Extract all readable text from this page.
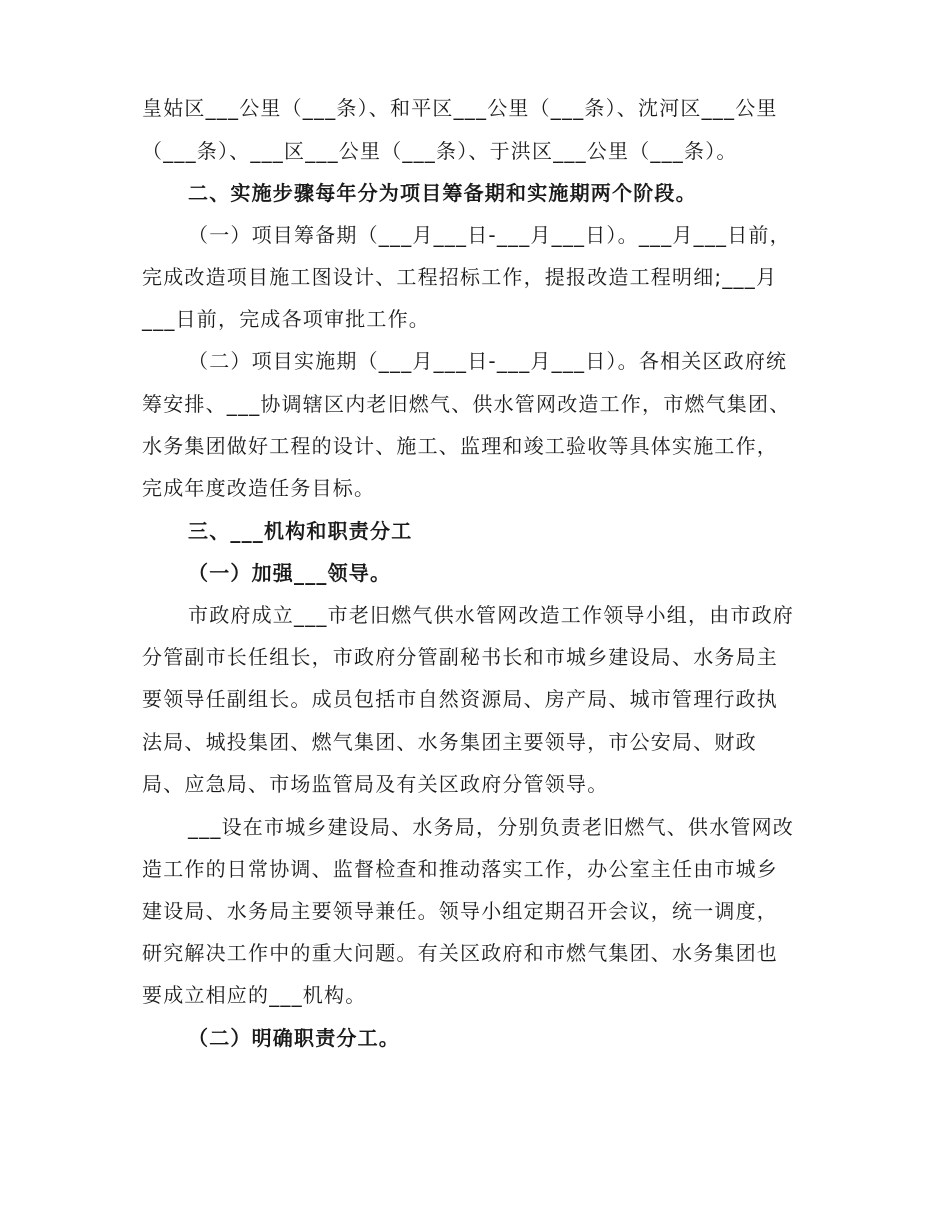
皇姑区___公里（___条）、和平区___公里（___条）、沈河区___公里
（___条）、___区___公里（___条）、于洪区___公里（___条）。
二、实施步骤每年分为项目筹备期和实施期两个阶段。
（一）项目筹备期（___月___日-___月___日）。___月___日前，
完成改造项目施工图设计、工程招标工作，提报改造工程明细;___月
___日前，完成各项审批工作。
（二）项目实施期（___月___日-___月___日）。各相关区政府统
筹安排、___协调辖区内老旧燃气、供水管网改造工作，市燃气集团、
水务集团做好工程的设计、施工、监理和竣工验收等具体实施工作，
完成年度改造任务目标。
三、___机构和职责分工
（一）加强___领导。
市政府成立___市老旧燃气供水管网改造工作领导小组，由市政府
分管副市长任组长，市政府分管副秘书长和市城乡建设局、水务局主
要领导任副组长。成员包括市自然资源局、房产局、城市管理行政执
法局、城投集团、燃气集团、水务集团主要领导，市公安局、财政
局、应急局、市场监管局及有关区政府分管领导。
___设在市城乡建设局、水务局，分别负责老旧燃气、供水管网改
造工作的日常协调、监督检查和推动落实工作，办公室主任由市城乡
建设局、水务局主要领导兼任。领导小组定期召开会议，统一调度，
研究解决工作中的重大问题。有关区政府和市燃气集团、水务集团也
要成立相应的___机构。
（二）明确职责分工。
